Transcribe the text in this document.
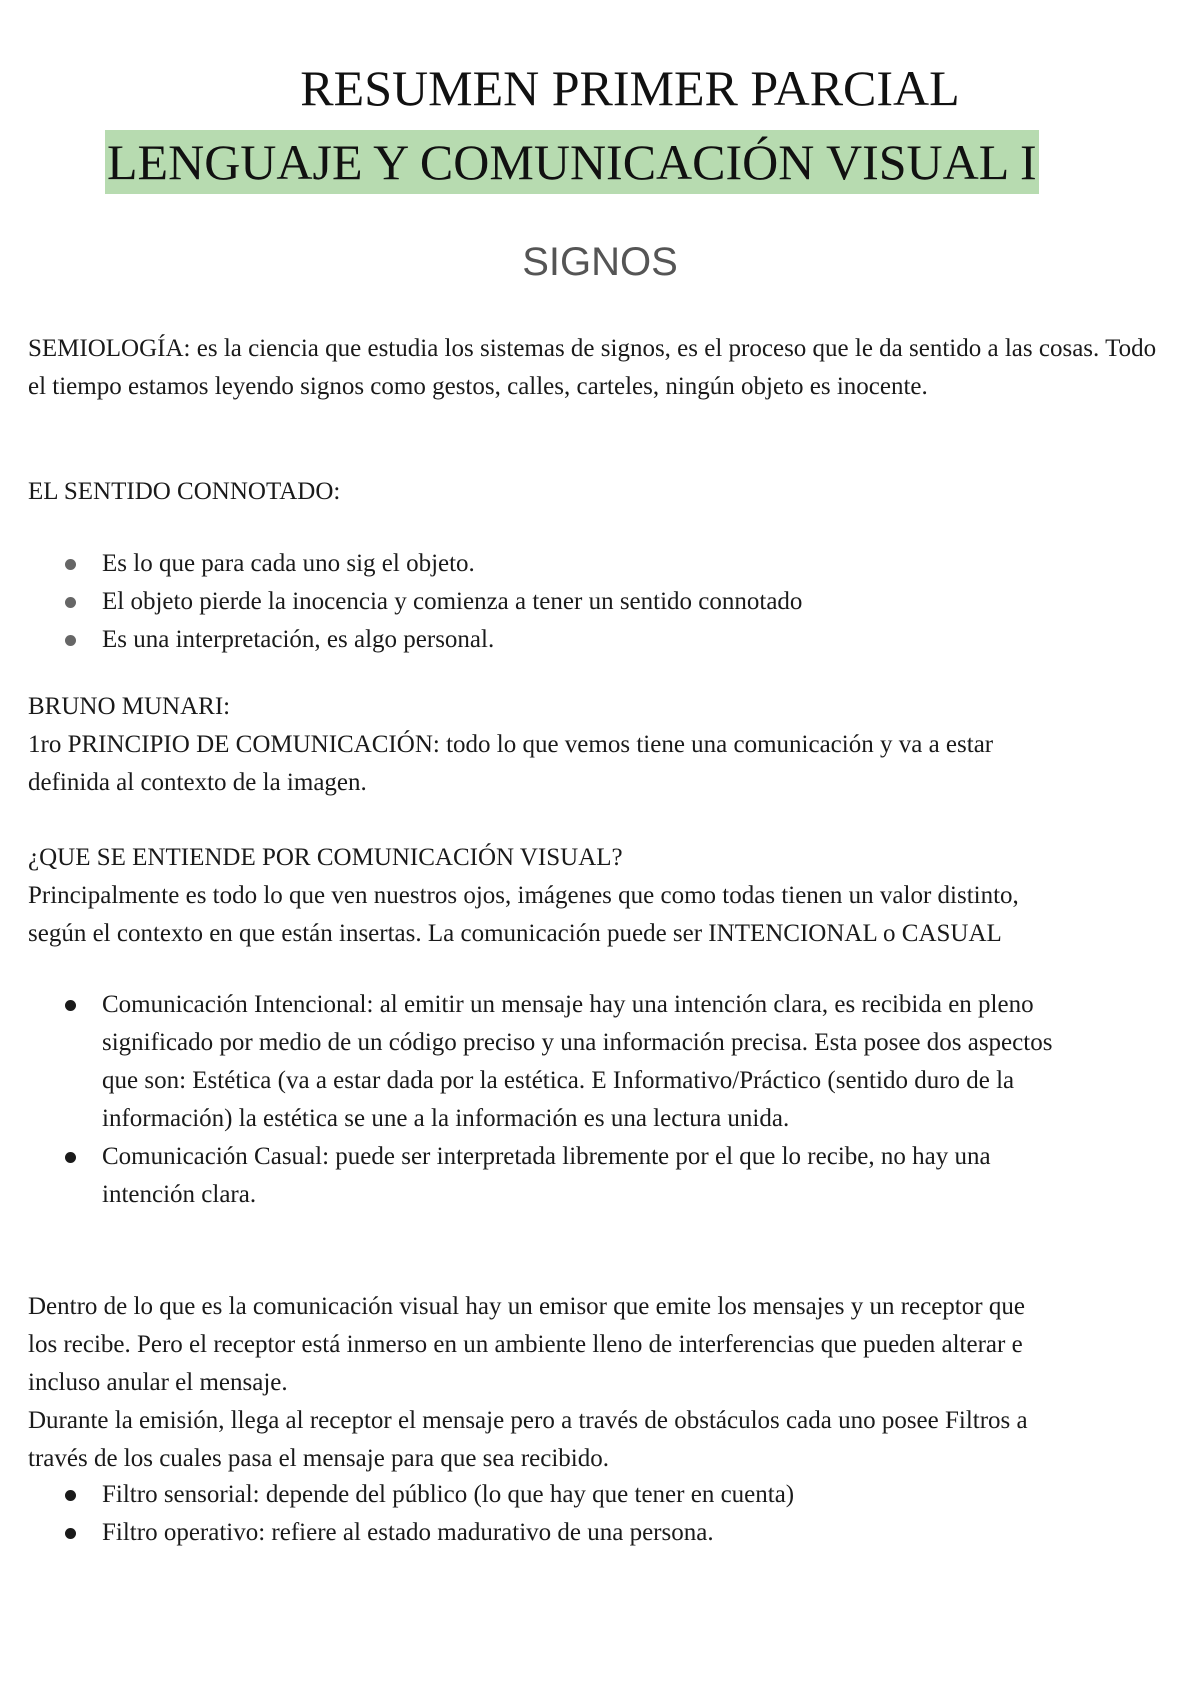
RESUMEN PRIMER PARCIAL
LENGUAJE Y COMUNICACIÓN VISUAL I
SIGNOS

SEMIOLOGÍA: es la ciencia que estudia los sistemas de signos, es el proceso que le da sentido a las cosas. Todo el tiempo estamos leyendo signos como gestos, calles, carteles, ningún objeto es inocente.

EL SENTIDO CONNOTADO:

Es lo que para cada uno sig el objeto.
El objeto pierde la inocencia y comienza a tener un sentido connotado
Es una interpretación, es algo personal.
BRUNO MUNARI:
1ro PRINCIPIO DE COMUNICACIÓN: todo lo que vemos tiene una comunicación y va a estar definida al contexto de la imagen.
¿QUE SE ENTIENDE POR COMUNICACIÓN VISUAL?
Principalmente es todo lo que ven nuestros ojos, imágenes que como todas tienen un valor distinto, según el contexto en que están insertas. La comunicación puede ser INTENCIONAL o CASUAL
Comunicación Intencional: al emitir un mensaje hay una intención clara, es recibida en pleno significado por medio de un código preciso y una información precisa. Esta posee dos aspectos que son: Estética (va a estar dada por la estética. E Informativo/Práctico (sentido duro de la información) la estética se une a la información es una lectura unida.
Comunicación Casual: puede ser interpretada libremente por el que lo recibe, no hay una intención clara.
Dentro de lo que es la comunicación visual hay un emisor que emite los mensajes y un receptor que los recibe. Pero el receptor está inmerso en un ambiente lleno de interferencias que pueden alterar e incluso anular el mensaje.
Durante la emisión, llega al receptor el mensaje pero a través de obstáculos cada uno posee Filtros a través de los cuales pasa el mensaje para que sea recibido.
Filtro sensorial: depende del público (lo que hay que tener en cuenta)
Filtro operativo: refiere al estado madurativo de una persona.
